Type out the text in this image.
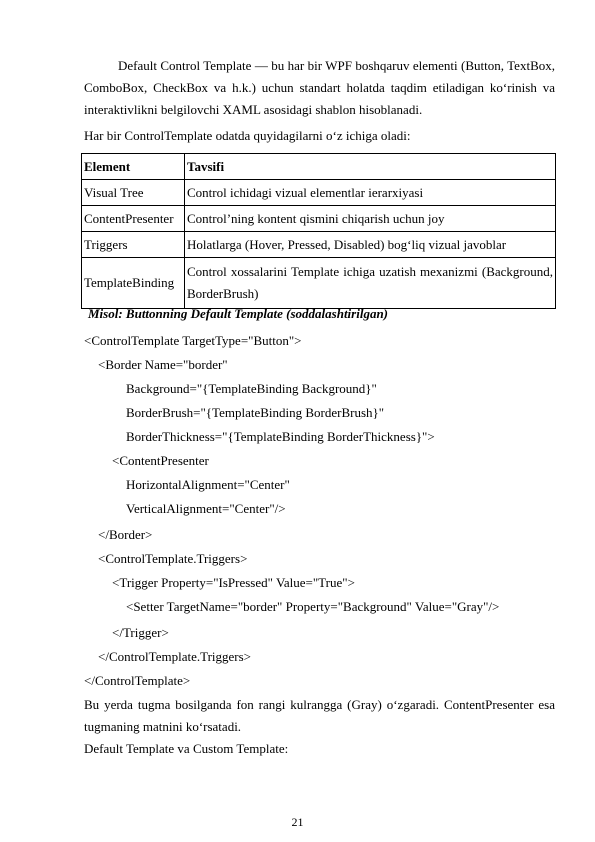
Default Control Template — bu har bir WPF boshqaruv elementi (Button, TextBox, ComboBox, CheckBox va h.k.) uchun standart holatda taqdim etiladigan ko‘rinish va interaktivlikni belgilovchi XAML asosidagi shablon hisoblanadi.
Har bir ControlTemplate odatda quyidagilarni o‘z ichiga oladi:
Element	Tavsifi
Visual Tree	Control ichidagi vizual elementlar ierarxiyasi
ContentPresenter	Control’ning kontent qismini chiqarish uchun joy
Triggers	Holatlarga (Hover, Pressed, Disabled) bog‘liq vizual javoblar
TemplateBinding	Control xossalarini Template ichiga uzatish mexanizmi (Background, BorderBrush)
Misol: Buttonning Default Template (soddalashtirilgan)
<ControlTemplate TargetType="Button">
<Border Name="border"
Background="{TemplateBinding Background}"
BorderBrush="{TemplateBinding BorderBrush}"
BorderThickness="{TemplateBinding BorderThickness}">
<ContentPresenter
HorizontalAlignment="Center"
VerticalAlignment="Center"/>
</Border>
<ControlTemplate.Triggers>
<Trigger Property="IsPressed" Value="True">
<Setter TargetName="border" Property="Background" Value="Gray"/>
</Trigger>
</ControlTemplate.Triggers>
</ControlTemplate>
Bu yerda tugma bosilganda fon rangi kulrangga (Gray) o‘zgaradi. ContentPresenter esa tugmaning matnini ko‘rsatadi.
Default Template va Custom Template:
21
